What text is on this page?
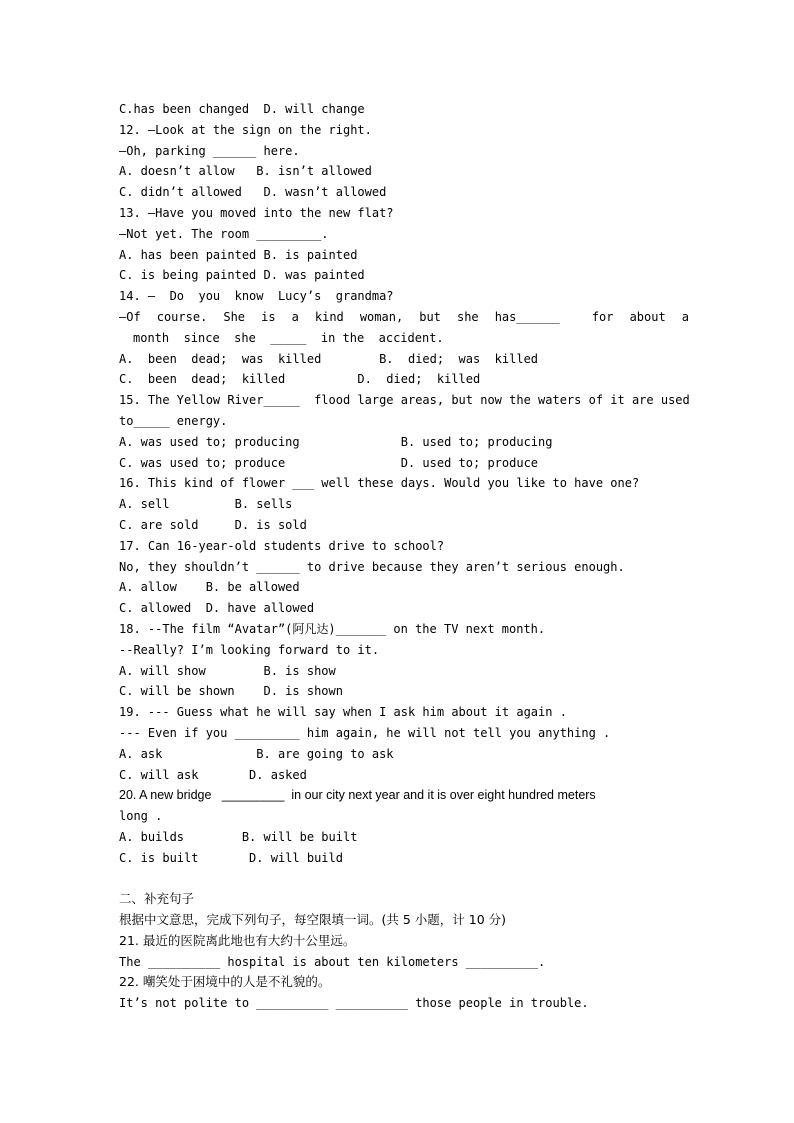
C.has been changed  D. will change
12. —Look at the sign on the right.
—Oh, parking ______ here.
A. doesn’t allow   B. isn’t allowed
C. didn’t allowed   D. wasn’t allowed
13. —Have you moved into the new flat?
—Not yet. The room _________.
A. has been painted B. is painted
C. is being painted D. was painted
14. —  Do  you  know  Lucy’s  grandma?
—Of course. She is a kind woman, but she has______	for about a
month  since  she  _____  in the  accident.
A.  been  dead;  was  killed        B.  died;  was  killed
C.  been  dead;  killed          D.  died;  killed
15. The Yellow River_____  flood large areas, but now the waters of it are used
to_____ energy.
A. was used to; producing              B. used to; producing
C. was used to; produce                D. used to; produce
16. This kind of flower ___ well these days. Would you like to have one?
A. sell         B. sells
C. are sold     D. is sold
17. Can 16-year-old students drive to school?
No, they shouldn’t ______ to drive because they aren’t serious enough.
A. allow    B. be allowed
C. allowed  D. have allowed
18. --The film “Avatar”(阿凡达)_______ on the TV next month.
--Really? I’m looking forward to it.
A. will show        B. is show
C. will be shown    D. is shown
19. --- Guess what he will say when I ask him about it again .
--- Even if you _________ him again, he will not tell you anything .
A. ask             B. are going to ask
C. will ask       D. asked
20. A new bridge   _________  in our city next year and it is over eight hundred meters
long .
A. builds        B. will be built
C. is built       D. will build
二、补充句子
根据中文意思，完成下列句子，每空限填一词。(共 5 小题，计 10 分)
21. 最近的医院离此地也有大约十公里远。
The __________ hospital is about ten kilometers __________.
22. 嘲笑处于困境中的人是不礼貌的。
It’s not polite to __________ __________ those people in trouble.
